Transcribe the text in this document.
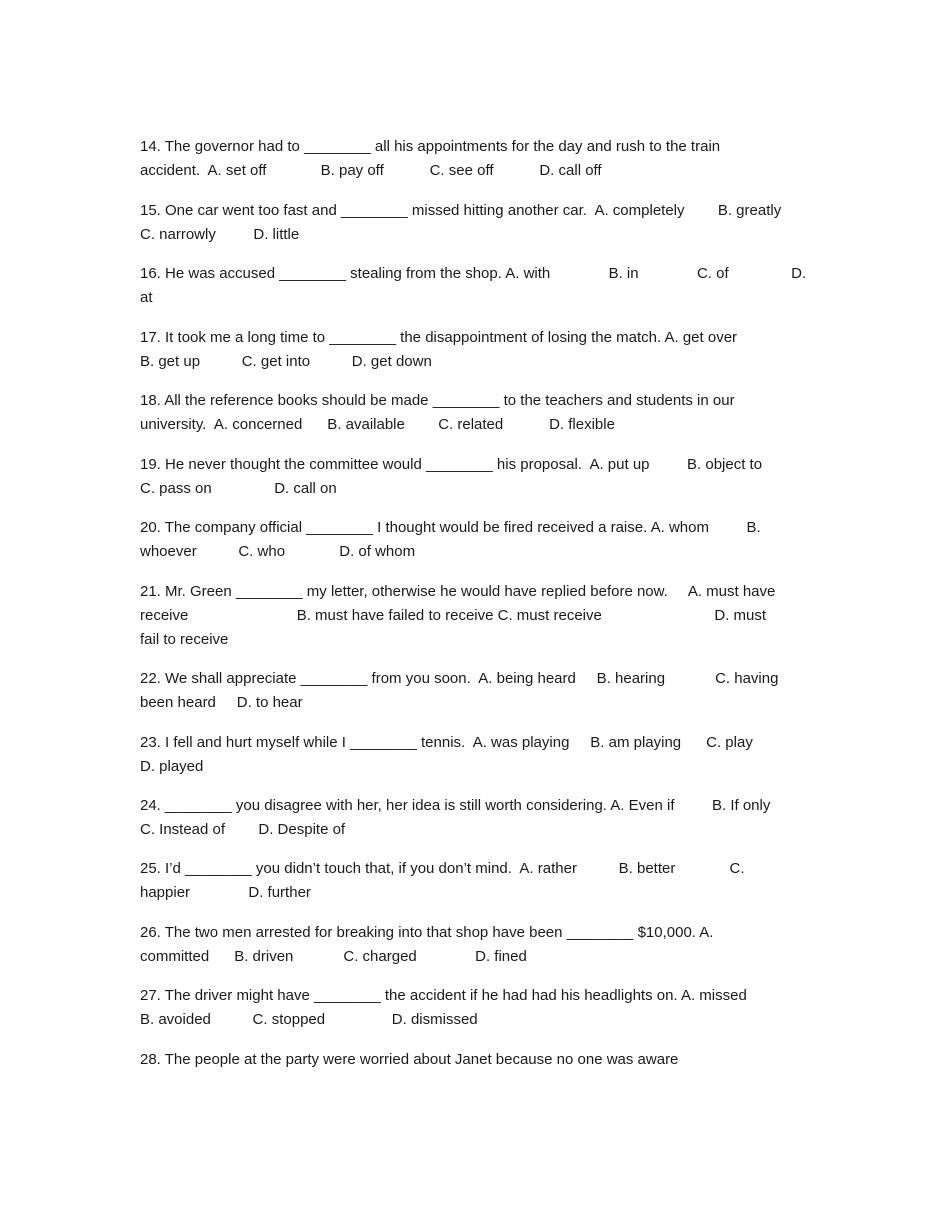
14. The governor had to ________ all his appointments for the day and rush to the train
accident.  A. set off             B. pay off           C. see off           D. call off
15. One car went too fast and ________ missed hitting another car.  A. completely        B. greatly
C. narrowly         D. little
16. He was accused ________ stealing from the shop. A. with              B. in              C. of               D.
at
17. It took me a long time to ________ the disappointment of losing the match. A. get over
B. get up          C. get into          D. get down
18. All the reference books should be made ________ to the teachers and students in our
university.  A. concerned      B. available        C. related           D. flexible
19. He never thought the committee would ________ his proposal.  A. put up         B. object to
C. pass on               D. call on
20. The company official ________ I thought would be fired received a raise. A. whom         B.
whoever          C. who             D. of whom
21. Mr. Green ________ my letter, otherwise he would have replied before now.     A. must have
receive                          B. must have failed to receive C. must receive                           D. must
fail to receive
22. We shall appreciate ________ from you soon.  A. being heard     B. hearing            C. having
been heard     D. to hear
23. I fell and hurt myself while I ________ tennis.  A. was playing     B. am playing      C. play
D. played
24. ________ you disagree with her, her idea is still worth considering. A. Even if         B. If only
C. Instead of        D. Despite of
25. I’d ________ you didn’t touch that, if you don’t mind.  A. rather          B. better             C.
happier              D. further
26. The two men arrested for breaking into that shop have been ________ $10,000. A.
committed      B. driven            C. charged              D. fined
27. The driver might have ________ the accident if he had had his headlights on. A. missed
B. avoided          C. stopped                D. dismissed
28. The people at the party were worried about Janet because no one was aware
